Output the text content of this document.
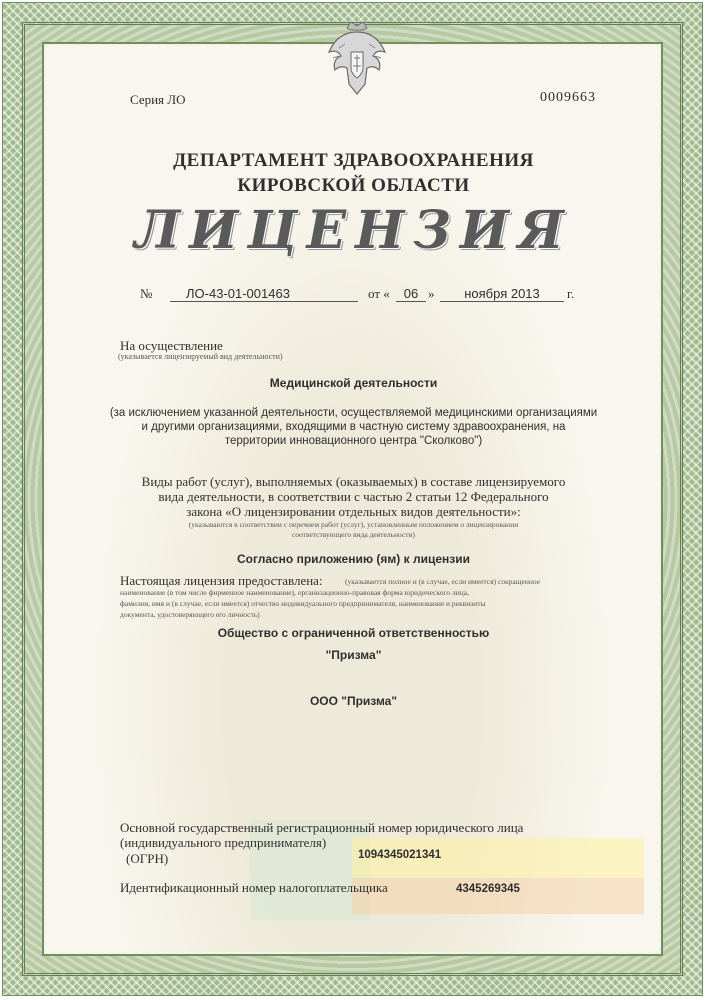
Серия ЛО	0009663
ДЕПАРТАМЕНТ ЗДРАВООХРАНЕНИЯ
КИРОВСКОЙ ОБЛАСТИ
ЛИЦЕНЗИЯ
№	ЛО-43-01-001463	от «	06 »	ноября 2013	г.
На осуществление
(указывается лицензируемый вид деятельности)
Медицинской деятельности
(за исключением указанной деятельности, осуществляемой медицинскими организациями
и другими организациями, входящими в частную систему здравоохранения, на
территории инновационного центра "Сколково")
Виды работ (услуг), выполняемых (оказываемых) в составе лицензируемого
вида деятельности, в соответствии с частью 2 статьи 12 Федерального
закона «О лицензировании отдельных видов деятельности»:
(указываются в соответствии с перечнем работ (услуг), установленным положением о лицензировании
соответствующего вида деятельности)
Согласно приложению (ям) к лицензии
Настоящая лицензия предоставлена:	(указывается полное и (в случае, если имеется) сокращенное
наименование (в том числе фирменное наименование), организационно-правовая форма юридического лица,
фамилия, имя и (в случае, если имеется) отчество индивидуального предпринимателя, наименование и реквизиты
документа, удостоверяющего его личность)
Общество с ограниченной ответственностью
"Призма"
ООО "Призма"
Основной государственный регистрационный номер юридического лица
(индивидуального предпринимателя)
(ОГРН)	1094345021341
Идентификационный номер налогоплательщика	4345269345
